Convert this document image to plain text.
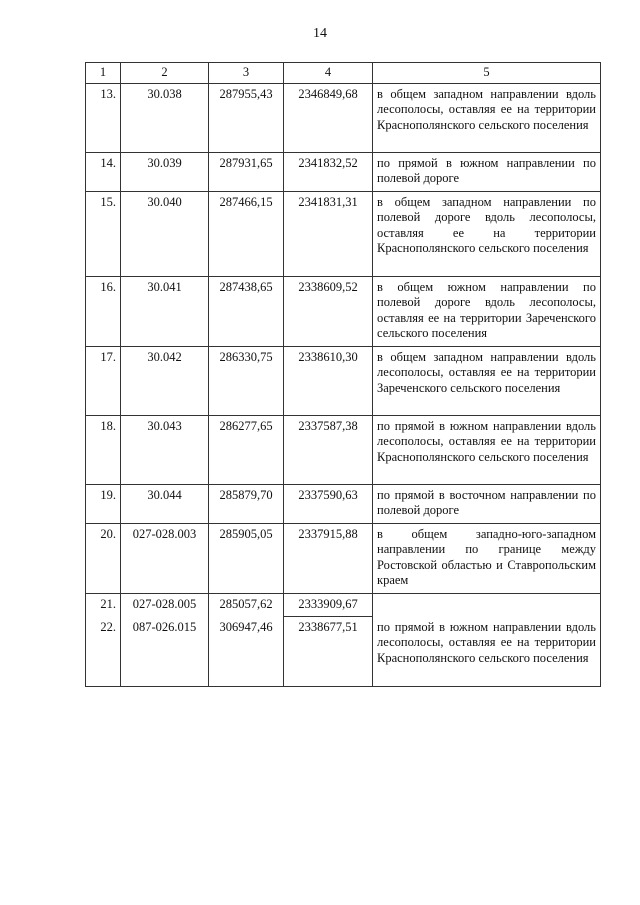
14
1	2	3	4	5
13.	30.038	287955,43	2346849,68	в общем западном направлении вдоль лесополосы, оставляя ее на территории Краснополянского сельского поселения
14.	30.039	287931,65	2341832,52	по прямой в южном направлении по полевой дороге
15.	30.040	287466,15	2341831,31	в общем западном направлении по полевой дороге вдоль лесополосы, оставляя ее на территории Краснополянского сельского поселения
16.	30.041	287438,65	2338609,52	в общем южном направлении по полевой дороге вдоль лесополосы, оставляя ее на территории Зареченского сельского поселения
17.	30.042	286330,75	2338610,30	в общем западном направлении вдоль лесополосы, оставляя ее на территории Зареченского сельского поселения
18.	30.043	286277,65	2337587,38	по прямой в южном направлении вдоль лесополосы, оставляя ее на территории Краснополянского сельского поселения
19.	30.044	285879,70	2337590,63	по прямой в восточном направлении по полевой дороге
20.	027-028.003	285905,05	2337915,88	в общем западно-юго-западном направлении по границе между Ростовской областью и Ставропольским краем
21.	027-028.005	285057,62	2333909,67	
22.	087-026.015	306947,46	2338677,51	по прямой в южном направлении вдоль лесополосы, оставляя ее на территории Краснополянского сельского поселения
